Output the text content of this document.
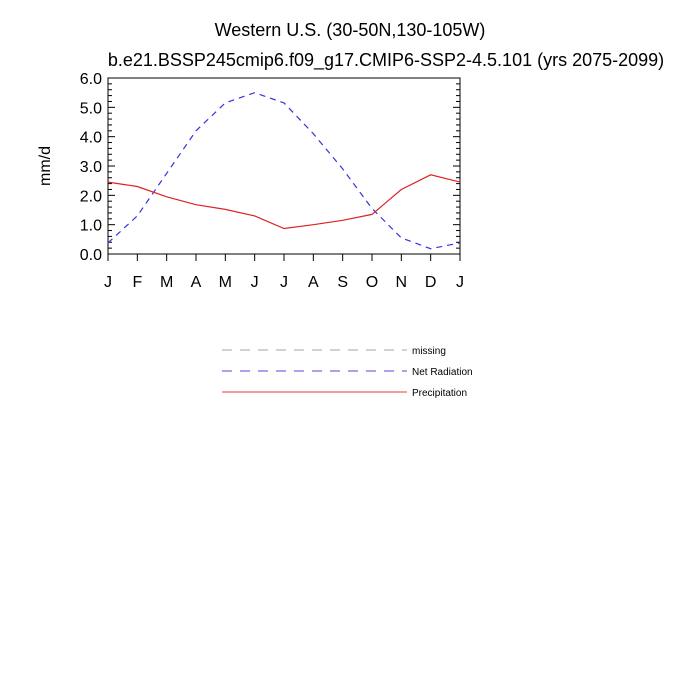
Western U.S. (30-50N,130-105W)
b.e21.BSSP245cmip6.f09_g17.CMIP6-SSP2-4.5.101 (yrs 2075-2099)
mm/d
0.0
1.0
2.0
3.0
4.0
5.0
6.0
J F M A M J J A S O N D J
missing
Net Radiation
Precipitation
